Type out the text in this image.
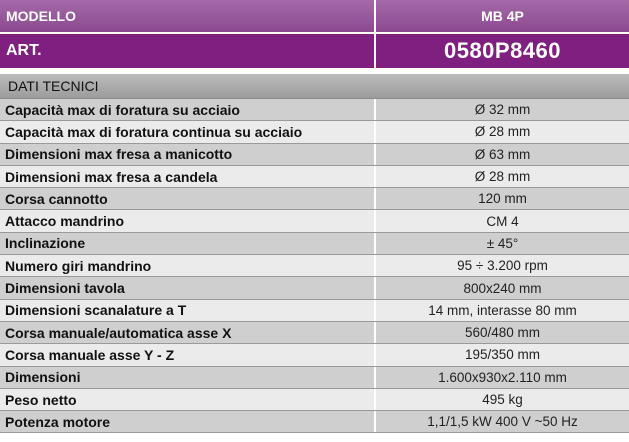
MODELLO	MB 4P
ART.	0580P8460
DATI TECNICI
Capacità max di foratura su acciaio	Ø 32 mm
Capacità max di foratura continua su acciaio	Ø 28 mm
Dimensioni max fresa a manicotto	Ø 63 mm
Dimensioni max fresa a candela	Ø 28 mm
Corsa cannotto	120 mm
Attacco mandrino	CM 4
Inclinazione	± 45°
Numero giri mandrino	95 ÷ 3.200 rpm
Dimensioni tavola	800x240 mm
Dimensioni scanalature a T	14 mm, interasse 80 mm
Corsa manuale/automatica asse X	560/480 mm
Corsa manuale asse Y - Z	195/350 mm
Dimensioni	1.600x930x2.110 mm
Peso netto	495 kg
Potenza motore	1,1/1,5 kW 400 V ~50 Hz
